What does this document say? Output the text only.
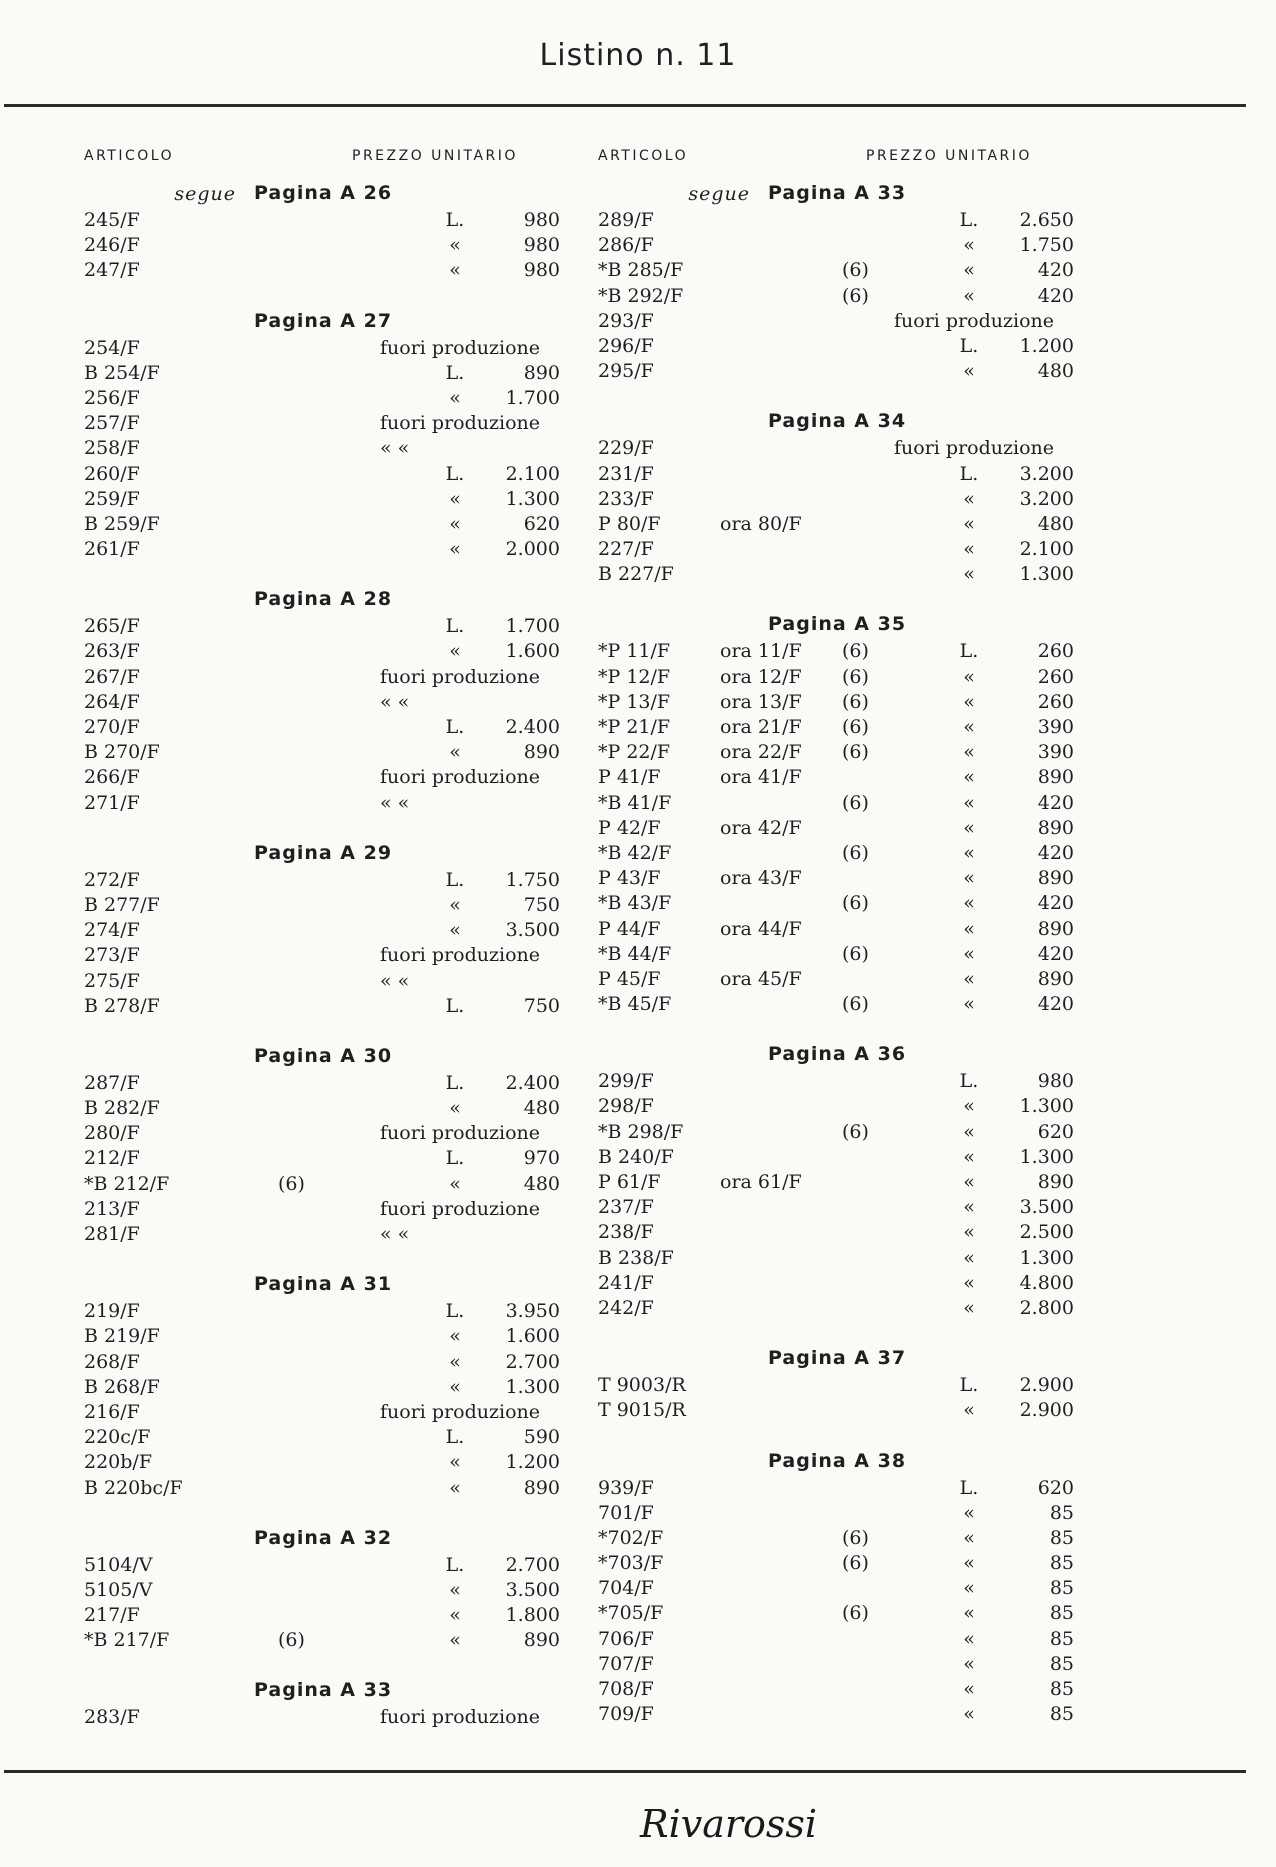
Listino n. 11
ARTICOLO	PREZZO UNITARIO
segue Pagina A 26
245/F	L.	980
246/F	«	980
247/F	«	980
Pagina A 27
254/F	fuori produzione
B 254/F	L.	890
256/F	«	1.700
257/F	fuori produzione
258/F	« «
260/F	L.	2.100
259/F	«	1.300
B 259/F	«	620
261/F	«	2.000
Pagina A 28
265/F	L.	1.700
263/F	«	1.600
267/F	fuori produzione
264/F	« «
270/F	L.	2.400
B 270/F	«	890
266/F	fuori produzione
271/F	« «
Pagina A 29
272/F	L.	1.750
B 277/F	«	750
274/F	«	3.500
273/F	fuori produzione
275/F	« «
B 278/F	L.	750
Pagina A 30
287/F	L.	2.400
B 282/F	«	480
280/F	fuori produzione
212/F	L.	970
*B 212/F	(6)	«	480
213/F	fuori produzione
281/F	« «
Pagina A 31
219/F	L.	3.950
B 219/F	«	1.600
268/F	«	2.700
B 268/F	«	1.300
216/F	fuori produzione
220c/F	L.	590
220b/F	«	1.200
B 220bc/F	«	890
Pagina A 32
5104/V	L.	2.700
5105/V	«	3.500
217/F	«	1.800
*B 217/F	(6)	«	890
Pagina A 33
283/F	fuori produzione
ARTICOLO	PREZZO UNITARIO
segue Pagina A 33
289/F	L.	2.650
286/F	«	1.750
*B 285/F	(6)	«	420
*B 292/F	(6)	«	420
293/F	fuori produzione
296/F	L.	1.200
295/F	«	480
Pagina A 34
229/F	fuori produzione
231/F	L.	3.200
233/F	«	3.200
P 80/F	ora 80/F	«	480
227/F	«	2.100
B 227/F	«	1.300
Pagina A 35
*P 11/F	ora 11/F (6)	L.	260
*P 12/F	ora 12/F (6)	«	260
*P 13/F	ora 13/F (6)	«	260
*P 21/F	ora 21/F (6)	«	390
*P 22/F	ora 22/F (6)	«	390
P 41/F	ora 41/F	«	890
*B 41/F	(6)	«	420
P 42/F	ora 42/F	«	890
*B 42/F	(6)	«	420
P 43/F	ora 43/F	«	890
*B 43/F	(6)	«	420
P 44/F	ora 44/F	«	890
*B 44/F	(6)	«	420
P 45/F	ora 45/F	«	890
*B 45/F	(6)	«	420
Pagina A 36
299/F	L.	980
298/F	«	1.300
*B 298/F	(6)	«	620
B 240/F	«	1.300
P 61/F	ora 61/F	«	890
237/F	«	3.500
238/F	«	2.500
B 238/F	«	1.300
241/F	«	4.800
242/F	«	2.800
Pagina A 37
T 9003/R	L.	2.900
T 9015/R	«	2.900
Pagina A 38
939/F	L.	620
701/F	«	85
*702/F	(6)	«	85
*703/F	(6)	«	85
704/F	«	85
*705/F	(6)	«	85
706/F	«	85
707/F	«	85
708/F	«	85
709/F	«	85
Rivarossi
